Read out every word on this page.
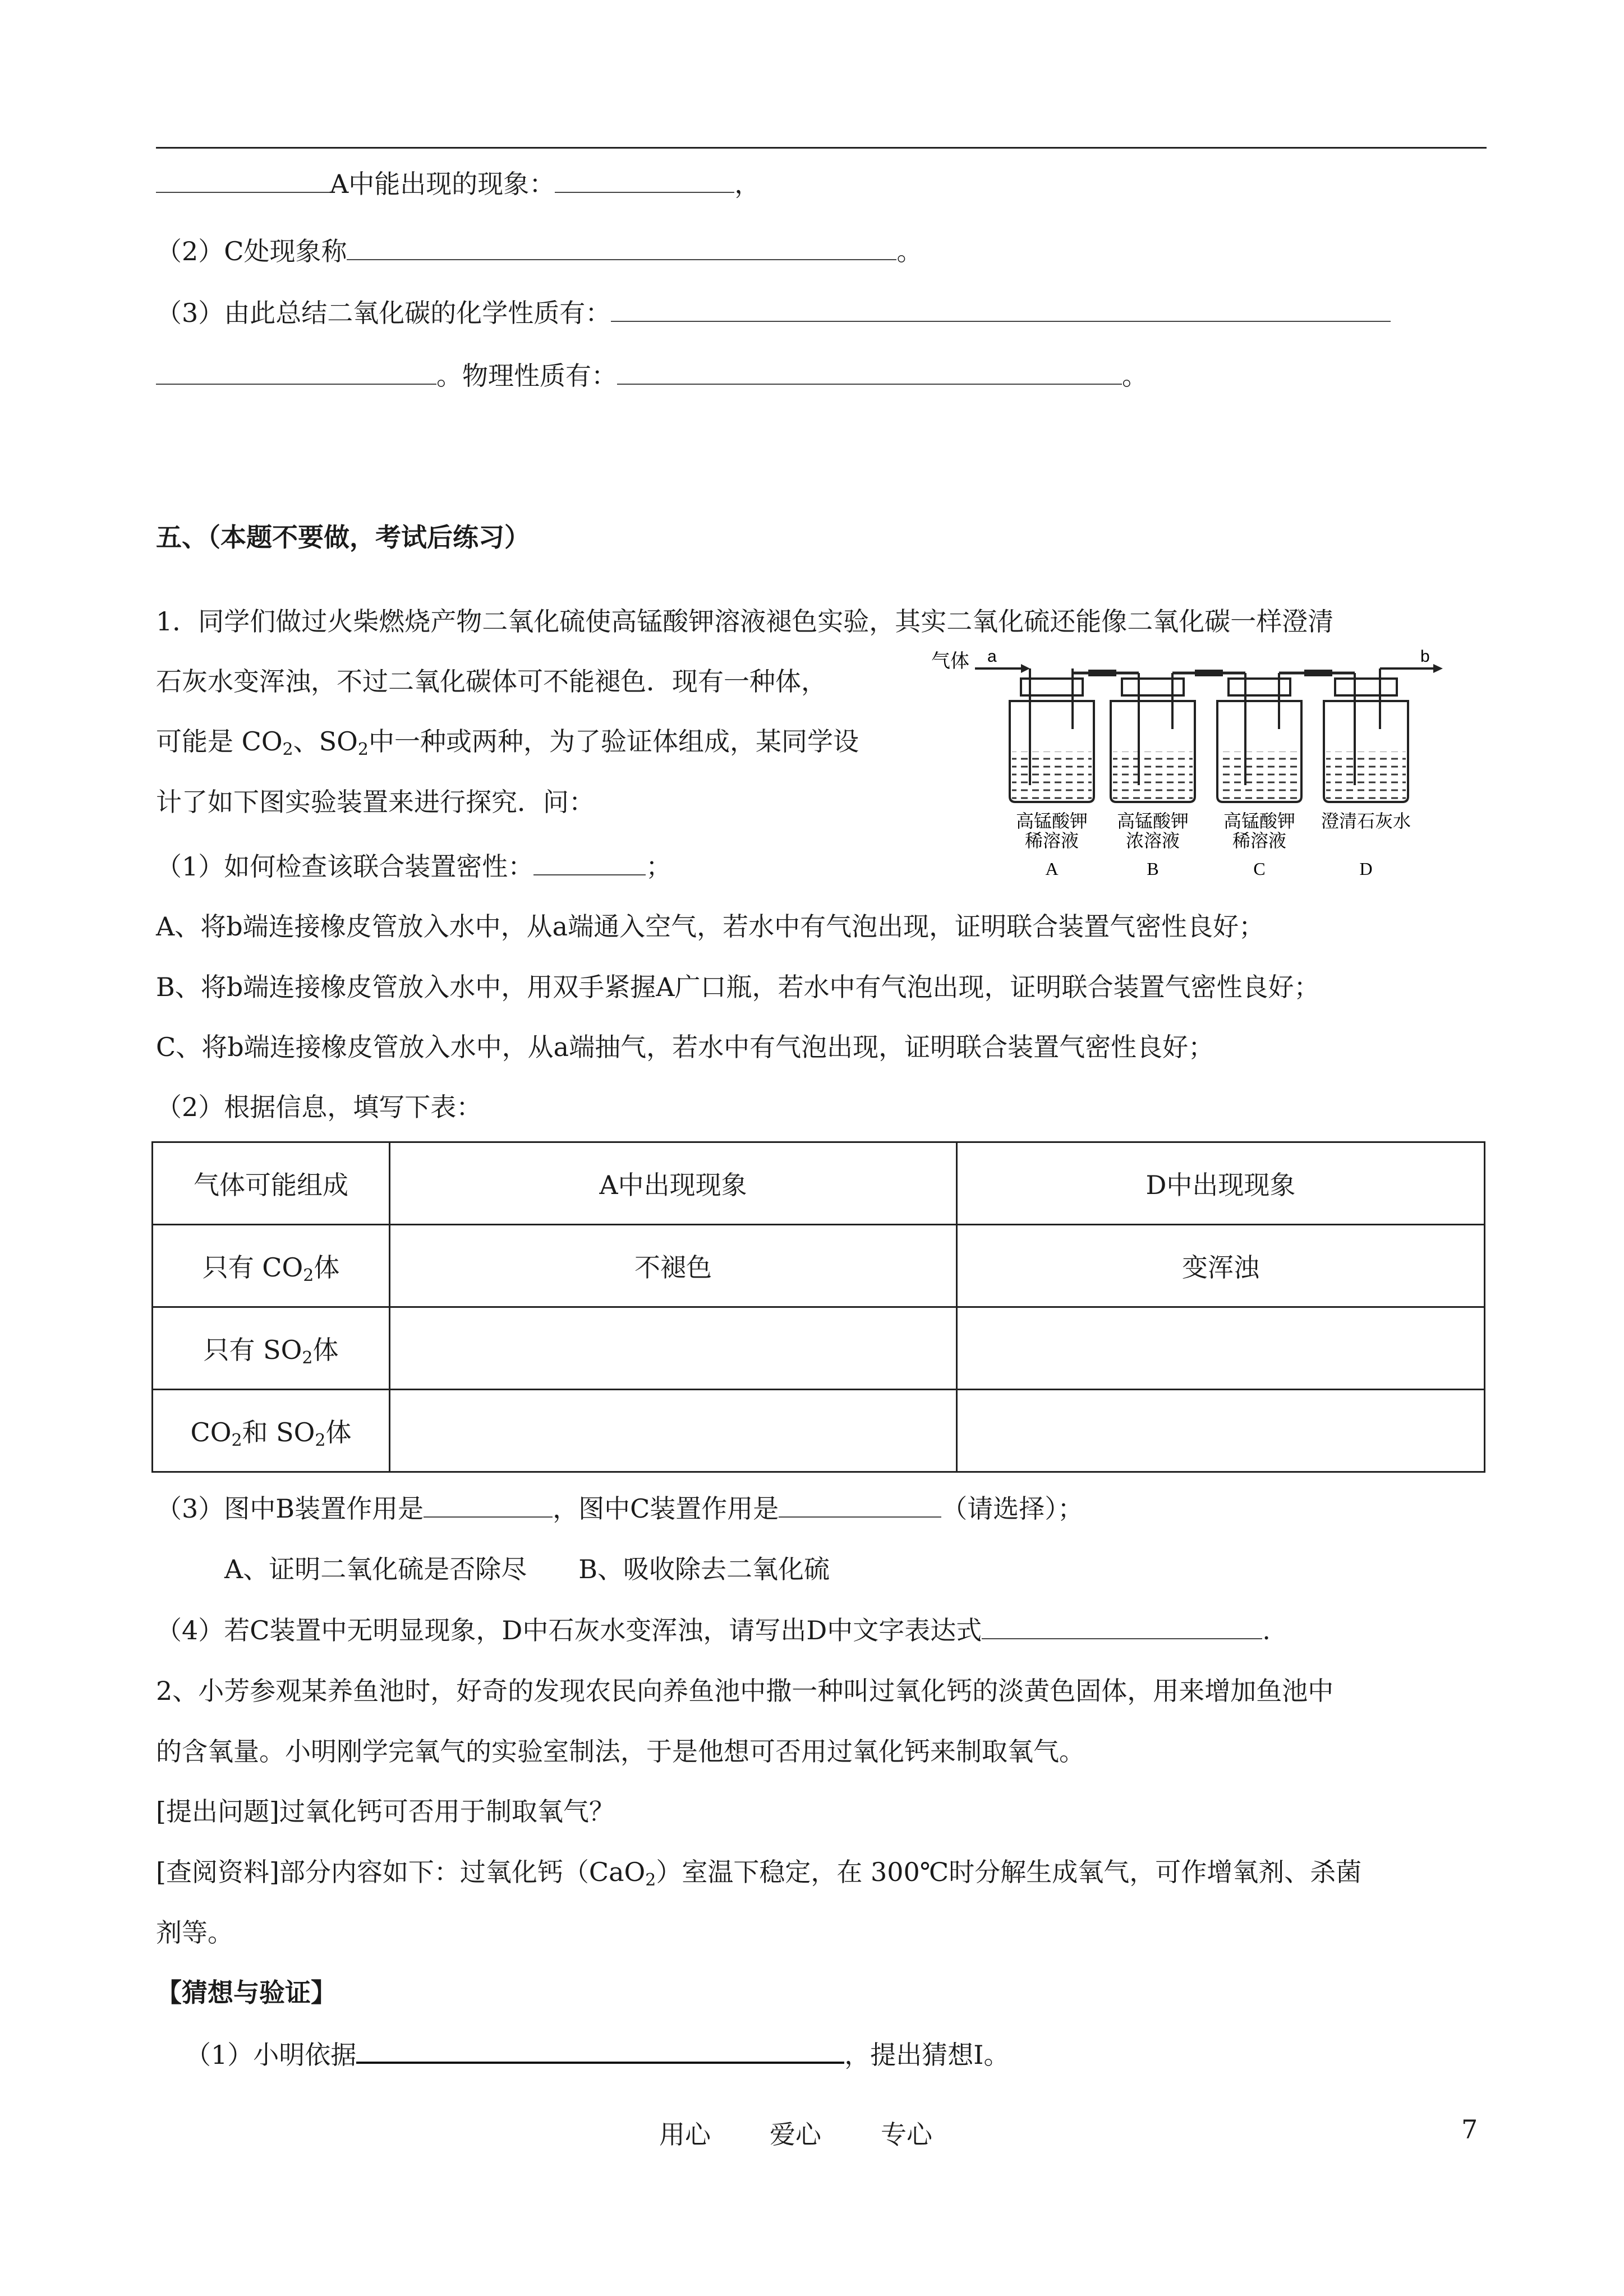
A中能出现的现象：	，
（2）C处现象称	。
（3）由此总结二氧化碳的化学性质有：
。物理性质有：	。
五、（本题不要做，考试后练习）
1．同学们做过火柴燃烧产物二氧化硫使高锰酸钾溶液褪色实验，其实二氧化硫还能像二氧化碳一样澄清
石灰水变浑浊，不过二氧化碳体可不能褪色．现有一种体，
可能是 $CO_2$、$SO_2$中一种或两种，为了验证体组成，某同学设
计了如下图实验装置来进行探究．问：
气体 a	b
高锰酸钾
稀溶液
A
高锰酸钾
浓溶液
B
高锰酸钾
稀溶液
C
澄清石灰水
D
（1）如何检查该联合装置密性：	；
A、将b端连接橡皮管放入水中，从a端通入空气，若水中有气泡出现，证明联合装置气密性良好；
B、将b端连接橡皮管放入水中，用双手紧握A广口瓶，若水中有气泡出现，证明联合装置气密性良好；
C、将b端连接橡皮管放入水中，从a端抽气，若水中有气泡出现，证明联合装置气密性良好；
（2）根据信息，填写下表：
气体可能组成	A中出现现象	D中出现现象
只有 $CO_2$体	不褪色	变浑浊
只有 $SO_2$体		
$CO_2$和 $SO_2$体		
（3）图中B装置作用是	，图中C装置作用是	（请选择）；
A、证明二氧化硫是否除尽　　B、吸收除去二氧化硫
（4）若C装置中无明显现象，D中石灰水变浑浊，请写出D中文字表达式	.
2、小芳参观某养鱼池时，好奇的发现农民向养鱼池中撒一种叫过氧化钙的淡黄色固体，用来增加鱼池中
的含氧量。小明刚学完氧气的实验室制法，于是他想可否用过氧化钙来制取氧气。
[提出问题]过氧化钙可否用于制取氧气？
[查阅资料]部分内容如下：过氧化钙（CaO$_2$）室温下稳定，在 300℃时分解生成氧气，可作增氧剂、杀菌
剂等。
【猜想与验证】
（1）小明依据	，提出猜想Ⅰ。
用心 爱心 专心	7
